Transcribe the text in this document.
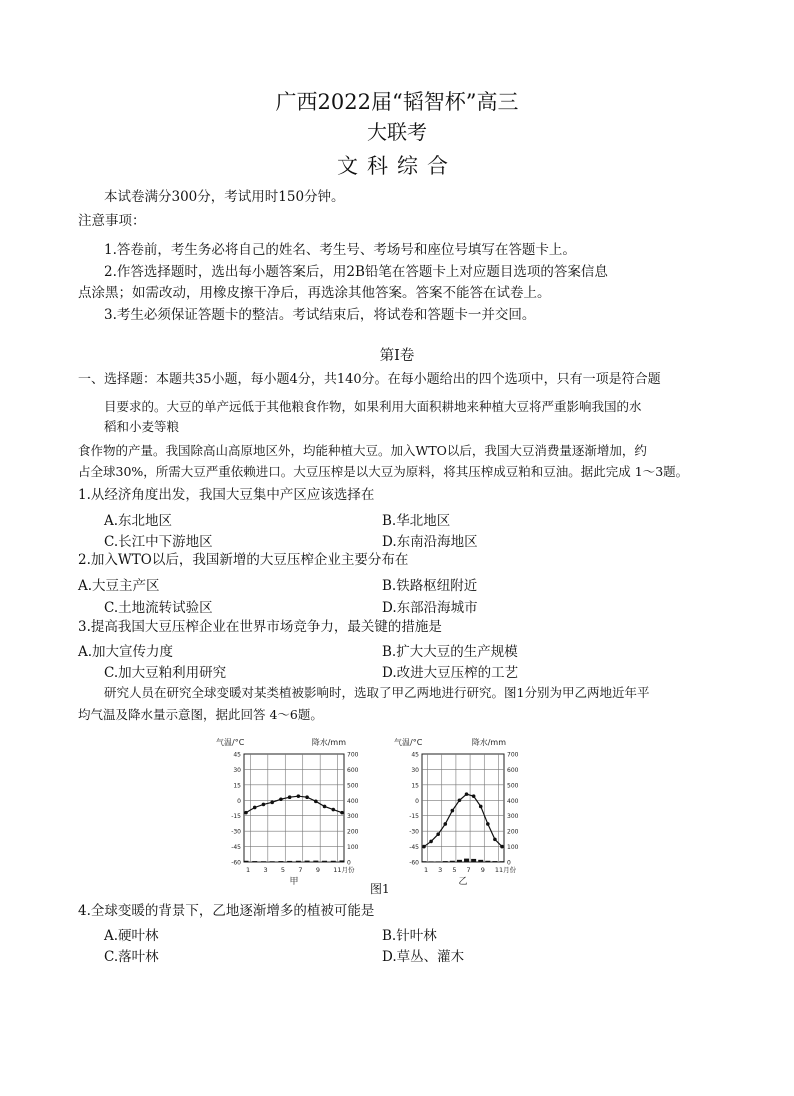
广西2022届“韬智杯”高三
大联考
文科综合
本试卷满分300分，考试用时150分钟。
注意事项：
1.答卷前，考生务必将自己的姓名、考生号、考场号和座位号填写在答题卡上。
2.作答选择题时，选出每小题答案后，用2B铅笔在答题卡上对应题目选项的答案信息
点涂黑；如需改动，用橡皮擦干净后，再选涂其他答案。答案不能答在试卷上。
3.考生必须保证答题卡的整洁。考试结束后，将试卷和答题卡一并交回。
第Ⅰ卷
一、选择题：本题共35小题，每小题4分，共140分。在每小题给出的四个选项中，只有一项是符合题
目要求的。大豆的单产远低于其他粮食作物，如果利用大面积耕地来种植大豆将严重影响我国的水
稻和小麦等粮
食作物的产量。我国除高山高原地区外，均能种植大豆。加入WTO以后，我国大豆消费量逐渐增加，约
占全球30%，所需大豆严重依赖进口。大豆压榨是以大豆为原料，将其压榨成豆粕和豆油。据此完成 1～3题。
1.从经济角度出发，我国大豆集中产区应该选择在
A.东北地区	B.华北地区
C.长江中下游地区	D.东南沿海地区
2.加入WTO以后，我国新增的大豆压榨企业主要分布在
A.大豆主产区	B.铁路枢纽附近
C.土地流转试验区	D.东部沿海城市
3.提高我国大豆压榨企业在世界市场竞争力，最关键的措施是
A.加大宣传力度	B.扩大大豆的生产规模
C.加大豆粕利用研究	D.改进大豆压榨的工艺
研究人员在研究全球变暖对某类植被影响时，选取了甲乙两地进行研究。图1分别为甲乙两地近年平
均气温及降水量示意图，据此回答 4～6题。
45
30
15
0
-15
-30
-45
-60
700
600
500
400
300
200
100
0
气温/°C	降水/mm
1 3 5 7 9 11月份
甲
45
30
15
0
-15
-30
-45
-60
700
600
500
400
300
200
100
0
气温/°C	降水/mm
1 3 5 7 9 11月份
乙
图1
4.全球变暖的背景下，乙地逐渐增多的植被可能是
A.硬叶林	B.针叶林
C.落叶林	D.草丛、灌木
